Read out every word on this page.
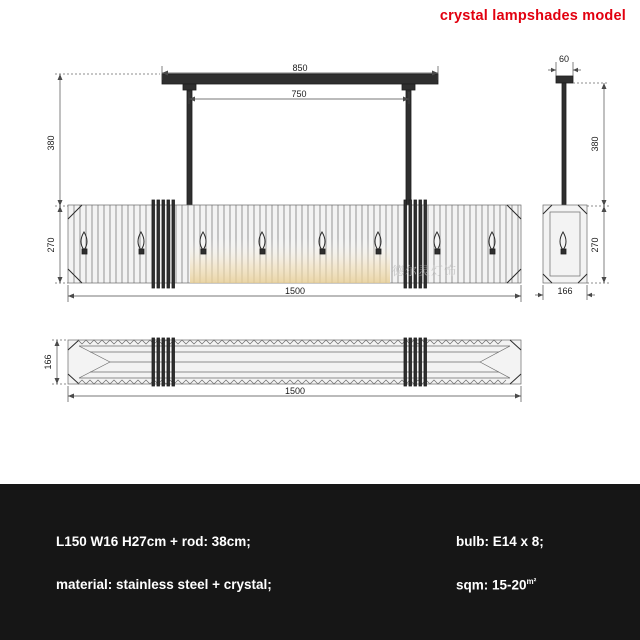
crystal lampshades model
850
750
380
270
1500
60
380
270
166
166
1500
德尔灵灯饰
L150 W16 H27cm + rod: 38cm;
material: stainless steel + crystal;
bulb: E14 x 8;
sqm: $15-20^{m^2}$
